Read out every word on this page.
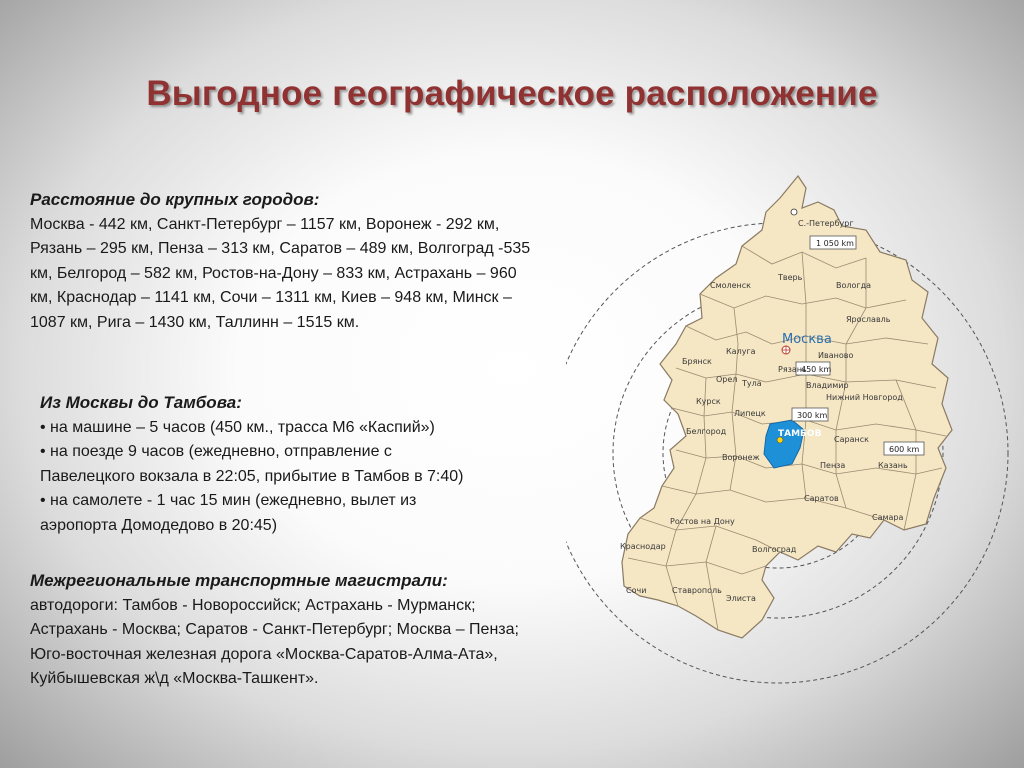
Выгодное географическое расположение

Расстояние до крупных городов:

Москва - 442 км, Санкт-Петербург – 1157 км, Воронеж - 292 км, Рязань – 295 км, Пенза – 313 км, Саратов – 489 км, Волгоград -535 км, Белгород – 582 км, Ростов-на-Дону – 833 км, Астрахань – 960 км, Краснодар – 1141 км, Сочи – 1311 км, Киев – 948 км, Минск – 1087 км, Рига – 1430 км, Таллинн – 1515 км.

Из Москвы до Тамбова:

• на машине – 5 часов (450 км., трасса М6 «Каспий»)

• на поезде 9 часов (ежедневно, отправление с

Павелецкого вокзала в 22:05, прибытие в Тамбов в 7:40)

• на самолете - 1 час 15 мин (ежедневно, вылет из

аэропорта Домодедово в 20:45)

Межрегиональные транспортные магистрали:

автодороги: Тамбов - Новороссийск; Астрахань - Мурманск; Астрахань - Москва; Саратов - Санкт-Петербург; Москва – Пенза; Юго-восточная железная дорога «Москва-Саратов-Алма-Ата», Куйбышевская ж\д «Москва-Ташкент».

1 050 km
450 km
300 km
600 km
Москва
ТАМБОВ
С.-Петербург
Вологда
Тверь
Смоленск
Ярославль
Калуга	Иваново
Брянск
Тула	Владимир
Рязань
Орел
Курск	Нижний Новгород
Липецк
Белгород
Воронеж
Пенза
Саранск
Казань
Саратов
Самара
Ростов на Дону
Волгоград
Краснодар
Ставрополь
Элиста
Сочи
